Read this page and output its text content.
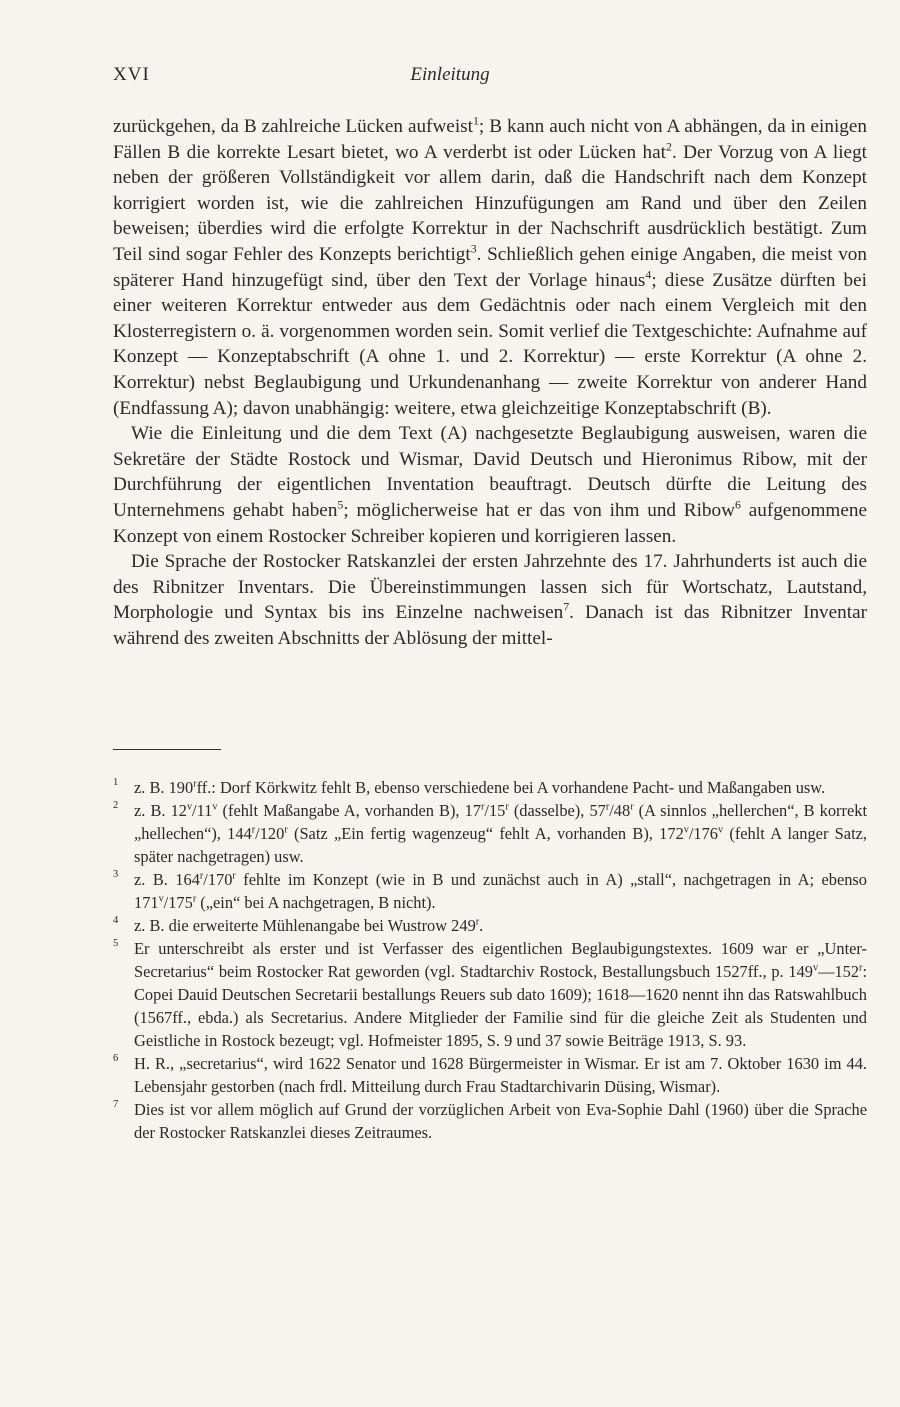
XVI	Einleitung

zurückgehen, da B zahlreiche Lücken aufweist$^1$; B kann auch nicht von A abhängen, da in einigen Fällen B die korrekte Lesart bietet, wo A verderbt ist oder Lücken hat$^2$. Der Vorzug von A liegt neben der größeren Vollständigkeit vor allem darin, daß die Handschrift nach dem Konzept korrigiert worden ist, wie die zahlreichen Hinzufügungen am Rand und über den Zeilen beweisen; überdies wird die erfolgte Korrektur in der Nachschrift ausdrücklich bestätigt. Zum Teil sind sogar Fehler des Konzepts berichtigt$^3$. Schließlich gehen einige Angaben, die meist von späterer Hand hinzugefügt sind, über den Text der Vorlage hinaus$^4$; diese Zusätze dürften bei einer weiteren Korrektur entweder aus dem Gedächtnis oder nach einem Vergleich mit den Klosterregistern o. ä. vorgenommen worden sein. Somit verlief die Textgeschichte: Aufnahme auf Konzept — Konzeptabschrift (A ohne 1. und 2. Korrektur) — erste Korrektur (A ohne 2. Korrektur) nebst Beglaubigung und Urkundenanhang — zweite Korrektur von anderer Hand (Endfassung A); davon unabhängig: weitere, etwa gleichzeitige Konzeptabschrift (B).

Wie die Einleitung und die dem Text (A) nachgesetzte Beglaubigung ausweisen, waren die Sekretäre der Städte Rostock und Wismar, David Deutsch und Hieronimus Ribow, mit der Durchführung der eigentlichen Inventation beauftragt. Deutsch dürfte die Leitung des Unternehmens gehabt haben$^5$; möglicherweise hat er das von ihm und Ribow$^6$ aufgenommene Konzept von einem Rostocker Schreiber kopieren und korrigieren lassen.

Die Sprache der Rostocker Ratskanzlei der ersten Jahrzehnte des 17. Jahrhunderts ist auch die des Ribnitzer Inventars. Die Übereinstimmungen lassen sich für Wortschatz, Lautstand, Morphologie und Syntax bis ins Einzelne nachweisen$^7$. Danach ist das Ribnitzer Inventar während des zweiten Abschnitts der Ablösung der mittel-

1 z. B. 190$^r$ff.: Dorf Körkwitz fehlt B, ebenso verschiedene bei A vorhandene Pacht- und Maßangaben usw.
2 z. B. 12$^v$/11$^v$ (fehlt Maßangabe A, vorhanden B), 17$^r$/15$^r$ (dasselbe), 57$^r$/48$^r$ (A sinnlos „hellerchen“, B korrekt „hellechen“), 144$^r$/120$^r$ (Satz „Ein fertig wagenzeug“ fehlt A, vorhanden B), 172$^v$/176$^v$ (fehlt A langer Satz, später nachgetragen) usw.
3 z. B. 164$^r$/170$^r$ fehlte im Konzept (wie in B und zunächst auch in A) „stall“, nachgetragen in A; ebenso 171$^v$/175$^r$ („ein“ bei A nachgetragen, B nicht).
4 z. B. die erweiterte Mühlenangabe bei Wustrow 249$^r$.
5 Er unterschreibt als erster und ist Verfasser des eigentlichen Beglaubigungstextes. 1609 war er „Unter-Secretarius“ beim Rostocker Rat geworden (vgl. Stadtarchiv Rostock, Bestallungsbuch 1527ff., p. 149$^v$—152$^r$: Copei Dauid Deutschen Secretarii bestallungs Reuers sub dato 1609); 1618—1620 nennt ihn das Ratswahlbuch (1567ff., ebda.) als Secretarius. Andere Mitglieder der Familie sind für die gleiche Zeit als Studenten und Geistliche in Rostock bezeugt; vgl. Hofmeister 1895, S. 9 und 37 sowie Beiträge 1913, S. 93.
6 H. R., „secretarius“, wird 1622 Senator und 1628 Bürgermeister in Wismar. Er ist am 7. Oktober 1630 im 44. Lebensjahr gestorben (nach frdl. Mitteilung durch Frau Stadtarchivarin Düsing, Wismar).
7 Dies ist vor allem möglich auf Grund der vorzüglichen Arbeit von Eva-Sophie Dahl (1960) über die Sprache der Rostocker Ratskanzlei dieses Zeitraumes.
